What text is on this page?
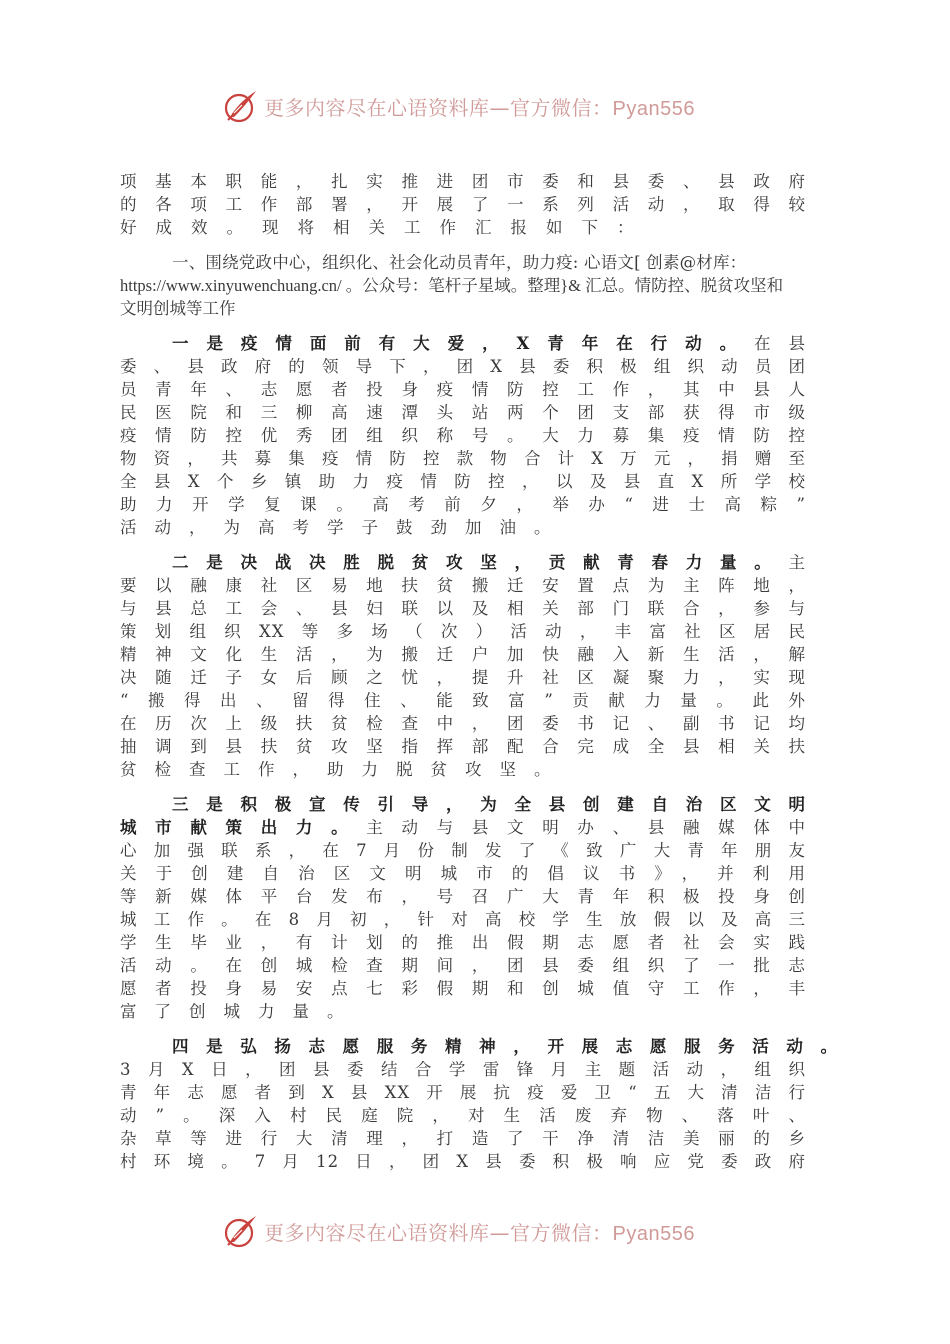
更多内容尽在心语资料库—官方微信：Pyan556
项基本职能，扎实推进团市委和县委、县政府
的各项工作部署，开展了一系列活动，取得较
好成效。现将相关工作汇报如下：
一、围绕党政中心，组织化、社会化动员青年，助力疫: 心语文[ 创素@材库：
https://www.xinyuwenchuang.cn/ 。公众号：笔杆子星域。整理}& 汇总。情防控、脱贫攻坚和
文明创城等工作
一是疫情面前有大爱，X青年在行动。在县
委、县政府的领导下，团X县委积极组织动员团
员青年、志愿者投身疫情防控工作，其中县人
民医院和三柳高速潭头站两个团支部获得市级
疫情防控优秀团组织称号。大力募集疫情防控
物资，共募集疫情防控款物合计X万元，捐赠至
全县X个乡镇助力疫情防控，以及县直X所学校
助力开学复课。高考前夕，举办“进士高粽”
活动，为高考学子鼓劲加油。
二是决战决胜脱贫攻坚，贡献青春力量。主
要以融康社区易地扶贫搬迁安置点为主阵地，
与县总工会、县妇联以及相关部门联合，参与
策划组织XX等多场（次）活动，丰富社区居民
精神文化生活，为搬迁户加快融入新生活，解
决随迁子女后顾之忧，提升社区凝聚力，实现
“搬得出、留得住、能致富”贡献力量。此外
在历次上级扶贫检查中，团委书记、副书记均
抽调到县扶贫攻坚指挥部配合完成全县相关扶
贫检查工作，助力脱贫攻坚。
三是积极宣传引导，为全县创建自治区文明
城市献策出力。主动与县文明办、县融媒体中
心加强联系，在7月份制发了《致广大青年朋友
关于创建自治区文明城市的倡议书》，并利用
等新媒体平台发布，号召广大青年积极投身创
城工作。在8月初，针对高校学生放假以及高三
学生毕业，有计划的推出假期志愿者社会实践
活动。在创城检查期间，团县委组织了一批志
愿者投身易安点七彩假期和创城值守工作，丰
富了创城力量。
四是弘扬志愿服务精神，开展志愿服务活动。
3月X日，团县委结合学雷锋月主题活动，组织
青年志愿者到X县XX开展抗疫爱卫“五大清洁行
动”。深入村民庭院，对生活废弃物、落叶、
杂草等进行大清理，打造了干净清洁美丽的乡
村环境。7月12日，团X县委积极响应党委政府
更多内容尽在心语资料库—官方微信：Pyan556
